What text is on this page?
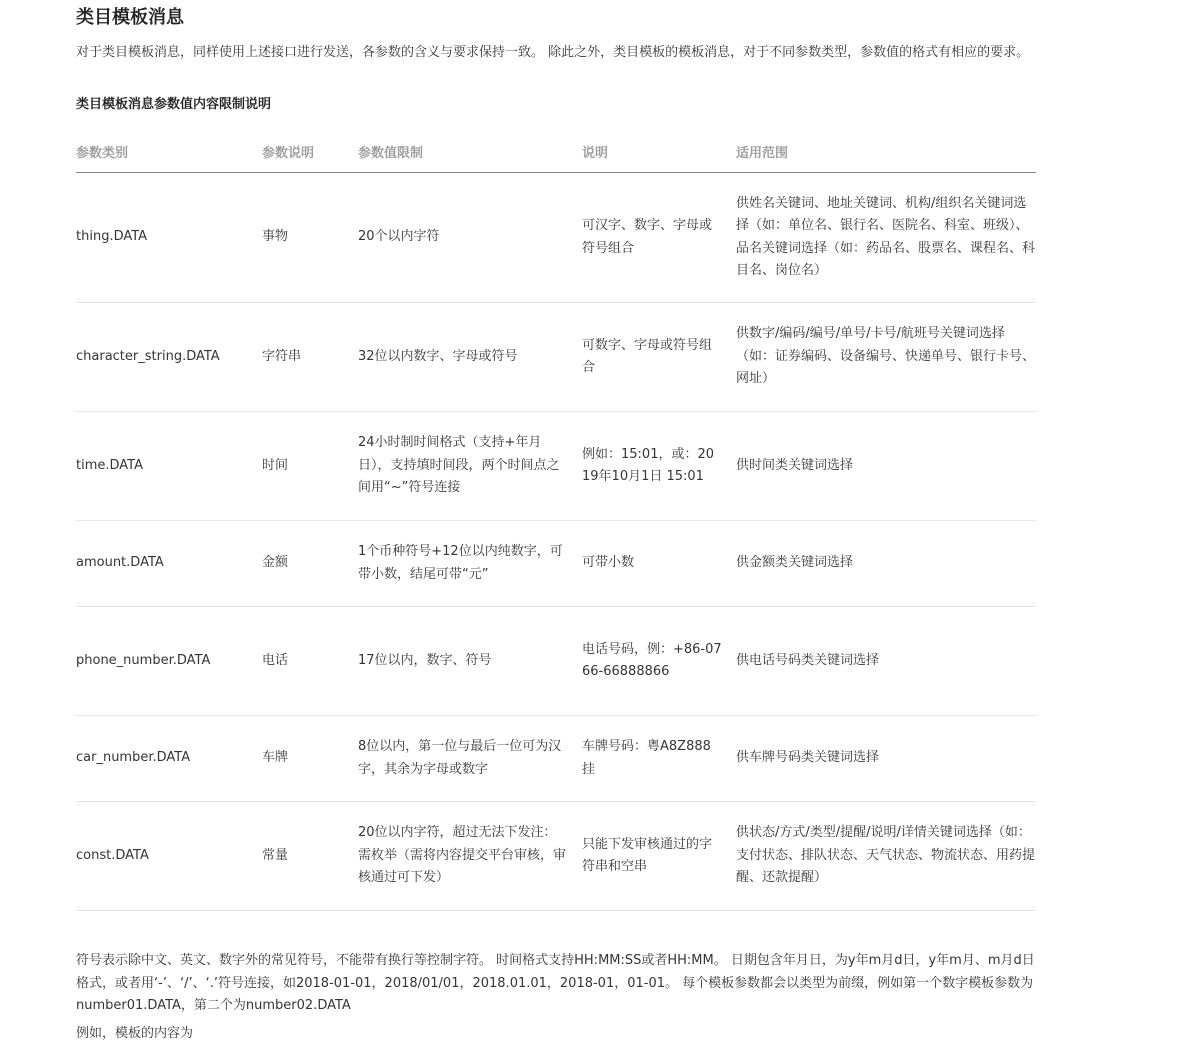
类目模板消息

对于类目模板消息，同样使用上述接口进行发送，各参数的含义与要求保持一致。 除此之外，类目模板的模板消息，对于不同参数类型，参数值的格式有相应的要求。

类目模板消息参数值内容限制说明

参数类别	参数说明	参数值限制	说明	适用范围
thing.DATA	事物	20个以内字符	可汉字、数字、字母或符号组合	供姓名关键词、地址关键词、机构/组织名关键词选择（如：单位名、银行名、医院名、科室、班级）、品名关键词选择（如：药品名、股票名、课程名、科目名、岗位名）
character_string.DATA	字符串	32位以内数字、字母或符号	可数字、字母或符号组合	供数字/编码/编号/单号/卡号/航班号关键词选择（如：证券编码、设备编号、快递单号、银行卡号、网址）
time.DATA	时间	24小时制时间格式（支持+年月日），支持填时间段，两个时间点之间用“~”符号连接	例如：15:01，或：2019年10月1日 15:01	供时间类关键词选择
amount.DATA	金额	1个币种符号+12位以内纯数字，可带小数，结尾可带“元”	可带小数	供金额类关键词选择
phone_number.DATA	电话	17位以内，数字、符号	电话号码，例：+86-0766-66888866	供电话号码类关键词选择
car_number.DATA	车牌	8位以内，第一位与最后一位可为汉字，其余为字母或数字	车牌号码：粤A8Z888挂	供车牌号码类关键词选择
const.DATA	常量	20位以内字符，超过无法下发注：需枚举（需将内容提交平台审核，审核通过可下发）	只能下发审核通过的字符串和空串	供状态/方式/类型/提醒/说明/详情关键词选择（如：支付状态、排队状态、天气状态、物流状态、用药提醒、还款提醒）

符号表示除中文、英文、数字外的常见符号，不能带有换行等控制字符。 时间格式支持HH:MM:SS或者HH:MM。 日期包含年月日，为y年m月d日，y年m月、m月d日格式，或者用‘-’、‘/’、‘.’符号连接，如2018-01-01，2018/01/01，2018.01.01，2018-01，01-01。 每个模板参数都会以类型为前缀，例如第一个数字模板参数为number01.DATA，第二个为number02.DATA

例如，模板的内容为
